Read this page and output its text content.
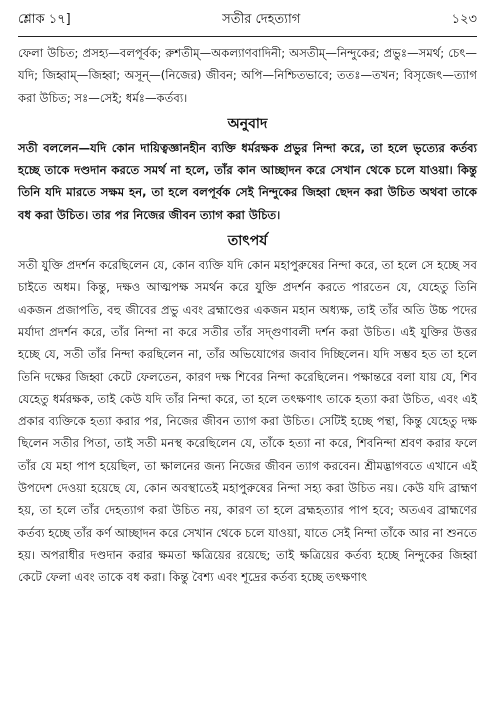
শ্লোক ১৭]	সতীর দেহত্যাগ	১২৩

ফেলা উচিত; প্রসহ্য—বলপূর্বক; রুশতীম্—অকল্যাণবাদিনী; অসতীম্—নিন্দুকের; প্রভুঃ—সমর্থ; চেৎ—যদি; জিহ্বাম্—জিহ্বা; অসূন্—(নিজের) জীবন; অপি—নিশ্চিতভাবে; ততঃ—তখন; বিসৃজেৎ—ত্যাগ করা উচিত; সঃ—সেই; ধর্মঃ—কর্তব্য।

অনুবাদ

সতী বললেন—যদি কোন দায়িত্বজ্ঞানহীন ব্যক্তি ধর্মরক্ষক প্রভুর নিন্দা করে, তা হলে ভৃত্যের কর্তব্য হচ্ছে তাকে দণ্ডদান করতে সমর্থ না হলে, তাঁর কান আচ্ছাদন করে সেখান থেকে চলে যাওয়া। কিন্তু তিনি যদি মারতে সক্ষম হন, তা হলে বলপূর্বক সেই নিন্দুকের জিহ্বা ছেদন করা উচিত অথবা তাকে বধ করা উচিত। তার পর নিজের জীবন ত্যাগ করা উচিত।

তাৎপর্য

সতী যুক্তি প্রদর্শন করেছিলেন যে, কোন ব্যক্তি যদি কোন মহাপুরুষের নিন্দা করে, তা হলে সে হচ্ছে সব চাইতে অধম। কিন্তু, দক্ষও আত্মপক্ষ সমর্থন করে যুক্তি প্রদর্শন করতে পারতেন যে, যেহেতু তিনি একজন প্রজাপতি, বহু জীবের প্রভু এবং ব্রহ্মাণ্ডের একজন মহান অধ্যক্ষ, তাই তাঁর অতি উচ্চ পদের মর্যাদা প্রদর্শন করে, তাঁর নিন্দা না করে সতীর তাঁর সদ্গুণাবলী দর্শন করা উচিত। এই যুক্তির উত্তর হচ্ছে যে, সতী তাঁর নিন্দা করছিলেন না, তাঁর অভিযোগের জবাব দিচ্ছিলেন। যদি সম্ভব হত তা হলে তিনি দক্ষের জিহ্বা কেটে ফেলতেন, কারণ দক্ষ শিবের নিন্দা করেছিলেন। পক্ষান্তরে বলা যায় যে, শিব যেহেতু ধর্মরক্ষক, তাই কেউ যদি তাঁর নিন্দা করে, তা হলে তৎক্ষণাৎ তাকে হত্যা করা উচিত, এবং এই প্রকার ব্যক্তিকে হত্যা করার পর, নিজের জীবন ত্যাগ করা উচিত। সেটিই হচ্ছে পন্থা, কিন্তু যেহেতু দক্ষ ছিলেন সতীর পিতা, তাই সতী মনস্থ করেছিলেন যে, তাঁকে হত্যা না করে, শিবনিন্দা শ্রবণ করার ফলে তাঁর যে মহা পাপ হয়েছিল, তা ক্ষালনের জন্য নিজের জীবন ত্যাগ করবেন। শ্রীমদ্ভাগবতে এখানে এই উপদেশ দেওয়া হয়েছে যে, কোন অবস্থাতেই মহাপুরুষের নিন্দা সহ্য করা উচিত নয়। কেউ যদি ব্রাহ্মণ হয়, তা হলে তাঁর দেহত্যাগ করা উচিত নয়, কারণ তা হলে ব্রহ্মহত্যার পাপ হবে; অতএব ব্রাহ্মণের কর্তব্য হচ্ছে তাঁর কর্ণ আচ্ছাদন করে সেখান থেকে চলে যাওয়া, যাতে সেই নিন্দা তাঁকে আর না শুনতে হয়। অপরাধীর দণ্ডদান করার ক্ষমতা ক্ষত্রিয়ের রয়েছে; তাই ক্ষত্রিয়ের কর্তব্য হচ্ছে নিন্দুকের জিহ্বা কেটে ফেলা এবং তাকে বধ করা। কিন্তু বৈশ্য এবং শূদ্রের কর্তব্য হচ্ছে তৎক্ষণাৎ
